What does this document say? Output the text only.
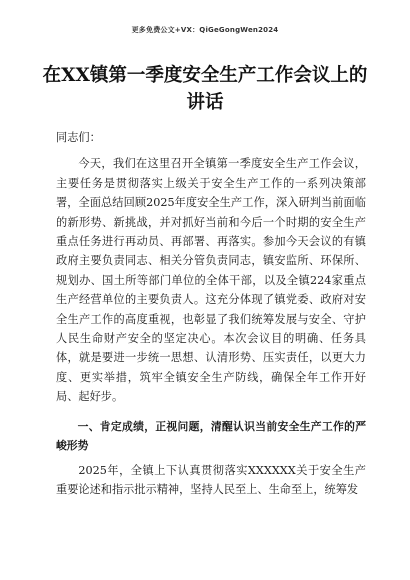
更多免费公文+VX：QiGeGongWen2024
在XX镇第一季度安全生产工作会议上的讲话

同志们：

今天，我们在这里召开全镇第一季度安全生产工作会议，主要任务是贯彻落实上级关于安全生产工作的一系列决策部署，全面总结回顾2025年度安全生产工作，深入研判当前面临的新形势、新挑战，并对抓好当前和今后一个时期的安全生产重点任务进行再动员、再部署、再落实。参加今天会议的有镇政府主要负责同志、相关分管负责同志，镇安监所、环保所、规划办、国土所等部门单位的全体干部，以及全镇224家重点生产经营单位的主要负责人。这充分体现了镇党委、政府对安全生产工作的高度重视，也彰显了我们统筹发展与安全、守护人民生命财产安全的坚定决心。本次会议目的明确、任务具体，就是要进一步统一思想、认清形势、压实责任，以更大力度、更实举措，筑牢全镇安全生产防线，确保全年工作开好局、起好步。

一、肯定成绩，正视问题，清醒认识当前安全生产工作的严峻形势

2025年，全镇上下认真贯彻落实XXXXXX关于安全生产重要论述和指示批示精神，坚持人民至上、生命至上，统筹发
